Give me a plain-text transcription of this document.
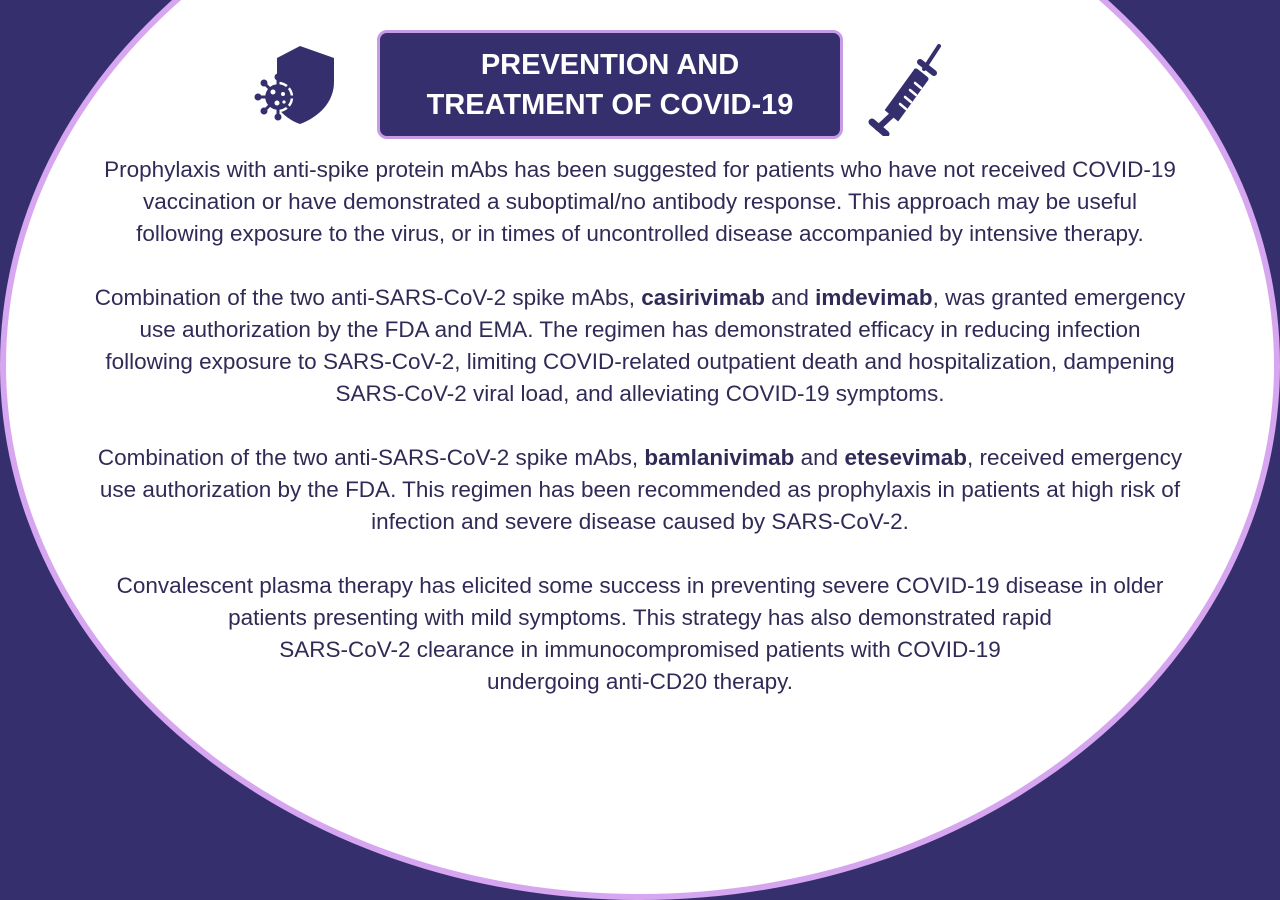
PREVENTION AND
TREATMENT OF COVID-19

Prophylaxis with anti-spike protein mAbs has been suggested for patients who have not received COVID-19
vaccination or have demonstrated a suboptimal/no antibody response. This approach may be useful
following exposure to the virus, or in times of uncontrolled disease accompanied by intensive therapy.

Combination of the two anti-SARS-CoV-2 spike mAbs, casirivimab and imdevimab, was granted emergency
use authorization by the FDA and EMA. The regimen has demonstrated efficacy in reducing infection
following exposure to SARS-CoV-2, limiting COVID-related outpatient death and hospitalization, dampening
SARS-CoV-2 viral load, and alleviating COVID-19 symptoms.

Combination of the two anti-SARS-CoV-2 spike mAbs, bamlanivimab and etesevimab, received emergency
use authorization by the FDA. This regimen has been recommended as prophylaxis in patients at high risk of
infection and severe disease caused by SARS-CoV-2.

Convalescent plasma therapy has elicited some success in preventing severe COVID-19 disease in older
patients presenting with mild symptoms. This strategy has also demonstrated rapid
SARS-CoV-2 clearance in immunocompromised patients with COVID-19
undergoing anti-CD20 therapy.
